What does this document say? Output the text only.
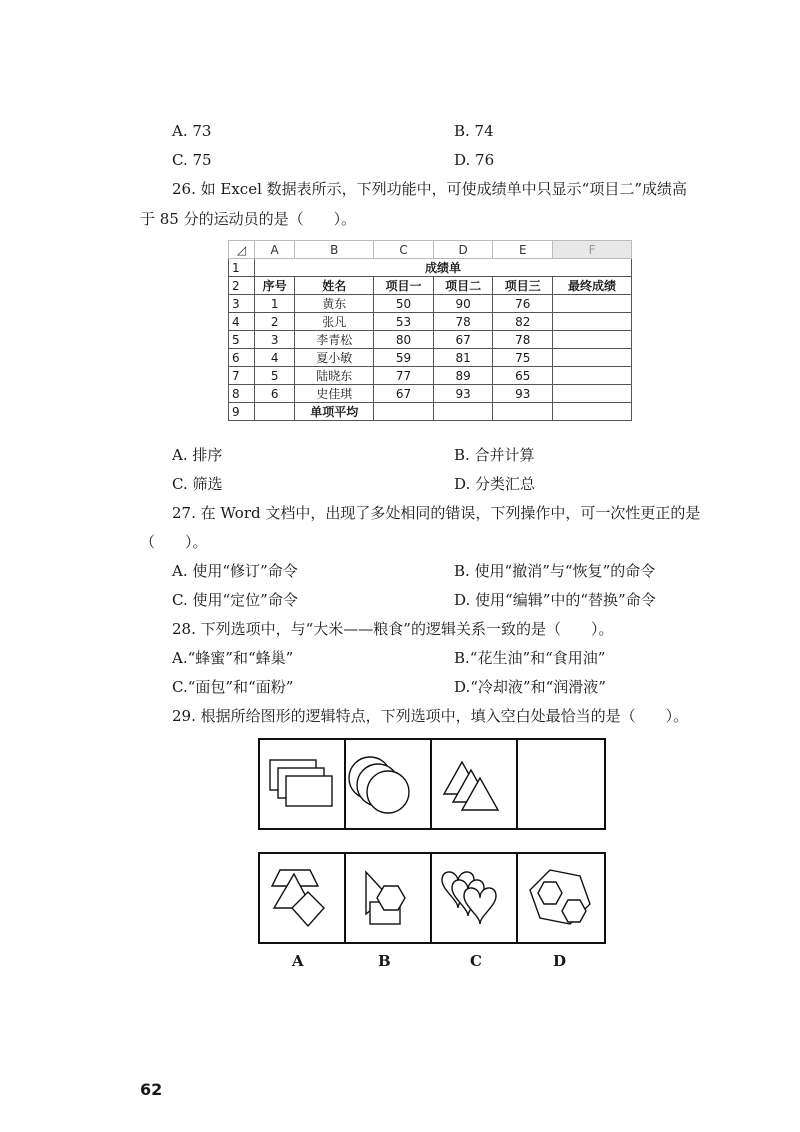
A. 73	B. 74
C. 75	D. 76
26. 如 Excel 数据表所示，下列功能中，可使成绩单中只显示“项目二”成绩高
于 85 分的运动员的是（　　）。
◿	A	B	C	D	E	F
1	成绩单					
2	序号	姓名	项目一	项目二	项目三	最终成绩
3	1	黄东	50	90	76	
4	2	张凡	53	78	82	
5	3	李青松	80	67	78	
6	4	夏小敏	59	81	75	
7	5	陆晓东	77	89	65	
8	6	史佳琪	67	93	93	
9		单项平均				
A. 排序	B. 合并计算
C. 筛选	D. 分类汇总
27. 在 Word 文档中，出现了多处相同的错误，下列操作中，可一次性更正的是
（　　）。
A. 使用“修订”命令	B. 使用“撤消”与“恢复”的命令
C. 使用“定位”命令	D. 使用“编辑”中的“替换”命令
28. 下列选项中，与“大米——粮食”的逻辑关系一致的是（　　）。
A.“蜂蜜”和“蜂巢”	B.“花生油”和“食用油”
C.“面包”和“面粉”	D.“冷却液”和“润滑液”
29. 根据所给图形的逻辑特点，下列选项中，填入空白处最恰当的是（　　）。
A	B	C	D
62
